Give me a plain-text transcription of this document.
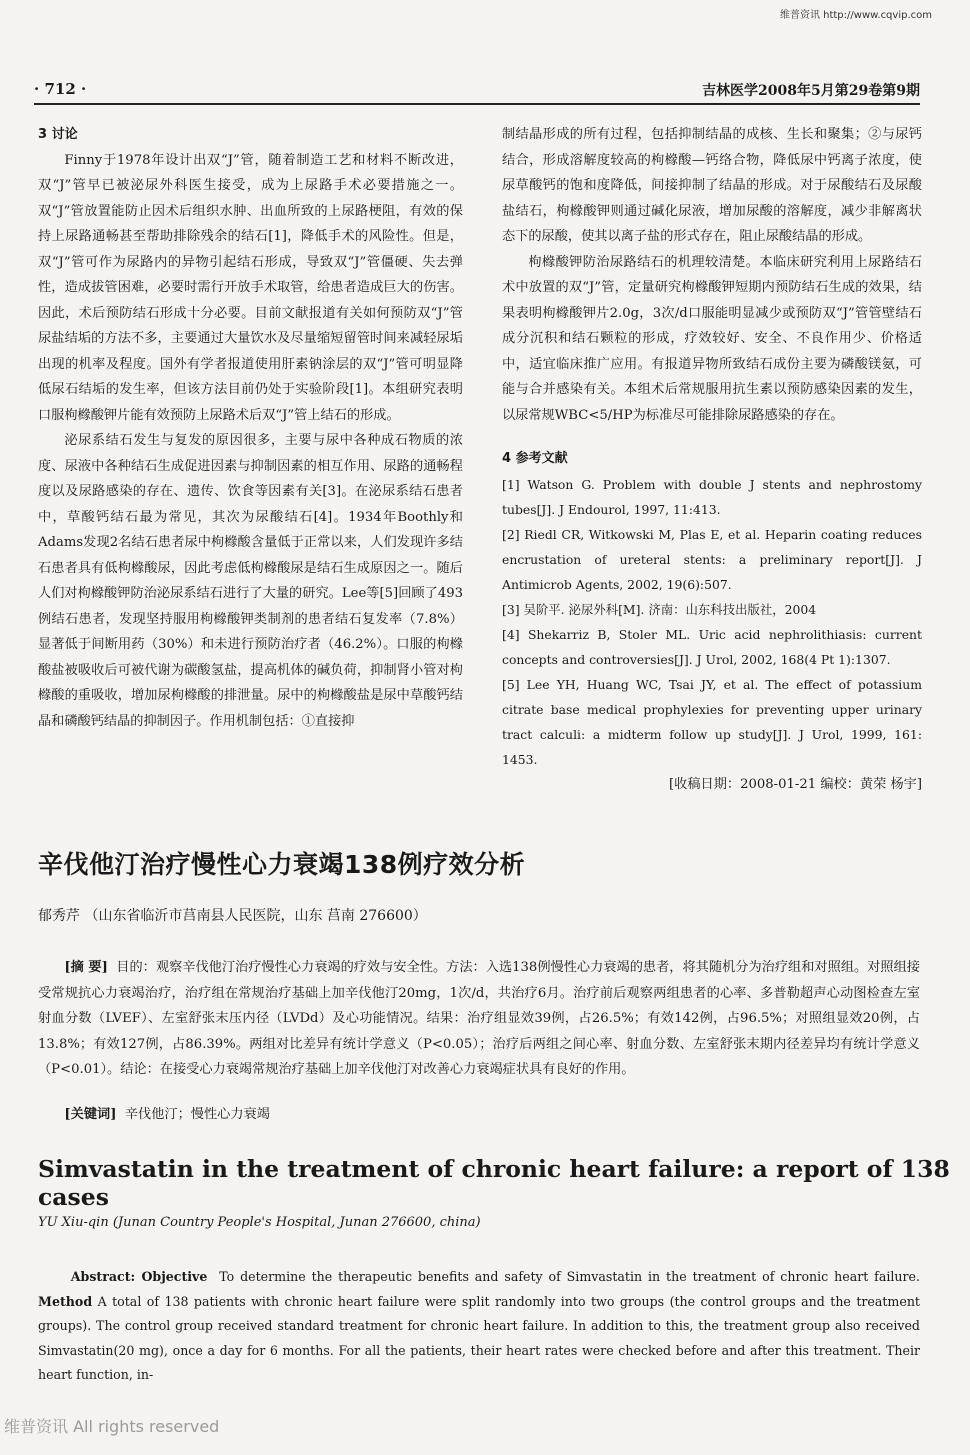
维普资讯 http://www.cqvip.com
· 712 ·	吉林医学2008年5月第29卷第9期

3 讨论

Finny于1978年设计出双“J”管，随着制造工艺和材料不断改进，双“J”管早已被泌尿外科医生接受，成为上尿路手术必要措施之一。双“J”管放置能防止因术后组织水肿、出血所致的上尿路梗阻，有效的保持上尿路通畅甚至帮助排除残余的结石[1]，降低手术的风险性。但是，双“J”管可作为尿路内的异物引起结石形成，导致双“J”管僵硬、失去弹性，造成拔管困难，必要时需行开放手术取管，给患者造成巨大的伤害。因此，术后预防结石形成十分必要。目前文献报道有关如何预防双“J”管尿盐结垢的方法不多，主要通过大量饮水及尽量缩短留管时间来减轻尿垢出现的机率及程度。国外有学者报道使用肝素钠涂层的双“J”管可明显降低尿石结垢的发生率，但该方法目前仍处于实验阶段[1]。本组研究表明口服枸橼酸钾片能有效预防上尿路术后双“J”管上结石的形成。

泌尿系结石发生与复发的原因很多，主要与尿中各种成石物质的浓度、尿液中各种结石生成促进因素与抑制因素的相互作用、尿路的通畅程度以及尿路感染的存在、遗传、饮食等因素有关[3]。在泌尿系结石患者中，草酸钙结石最为常见，其次为尿酸结石[4]。1934年Boothly和Adams发现2名结石患者尿中枸橼酸含量低于正常以来，人们发现许多结石患者具有低枸橼酸尿，因此考虑低枸橼酸尿是结石生成原因之一。随后人们对枸橼酸钾防治泌尿系结石进行了大量的研究。Lee等[5]回顾了493例结石患者，发现坚持服用枸橼酸钾类制剂的患者结石复发率（7.8%）显著低于间断用药（30%）和未进行预防治疗者（46.2%）。口服的枸橼酸盐被吸收后可被代谢为碳酸氢盐，提高机体的碱负荷，抑制肾小管对枸橼酸的重吸收，增加尿枸橼酸的排泄量。尿中的枸橼酸盐是尿中草酸钙结晶和磷酸钙结晶的抑制因子。作用机制包括：①直接抑

制结晶形成的所有过程，包括抑制结晶的成核、生长和聚集；②与尿钙结合，形成溶解度较高的枸橼酸—钙络合物，降低尿中钙离子浓度，使尿草酸钙的饱和度降低，间接抑制了结晶的形成。对于尿酸结石及尿酸盐结石，枸橼酸钾则通过碱化尿液，增加尿酸的溶解度，减少非解离状态下的尿酸，使其以离子盐的形式存在，阻止尿酸结晶的形成。

枸橼酸钾防治尿路结石的机理较清楚。本临床研究利用上尿路结石术中放置的双“J”管，定量研究枸橼酸钾短期内预防结石生成的效果，结果表明枸橼酸钾片2.0g，3次/d口服能明显减少或预防双“J”管管壁结石成分沉积和结石颗粒的形成，疗效较好、安全、不良作用少、价格适中，适宜临床推广应用。有报道异物所致结石成份主要为磷酸镁氨，可能与合并感染有关。本组术后常规服用抗生素以预防感染因素的发生，以尿常规WBC<5/HP为标准尽可能排除尿路感染的存在。

4 参考文献

[1] Watson G. Problem with double J stents and nephrostomy tubes[J]. J Endourol, 1997, 11:413.

[2] Riedl CR, Witkowski M, Plas E, et al. Heparin coating reduces encrustation of ureteral stents: a preliminary report[J]. J Antimicrob Agents, 2002, 19(6):507.

[3] 吴阶平. 泌尿外科[M]. 济南：山东科技出版社，2004

[4] Shekarriz B, Stoler ML. Uric acid nephrolithiasis: current concepts and controversies[J]. J Urol, 2002, 168(4 Pt 1):1307.

[5] Lee YH, Huang WC, Tsai JY, et al. The effect of potassium citrate base medical prophylexies for preventing upper urinary tract calculi: a midterm follow up study[J]. J Urol, 1999, 161: 1453.

[收稿日期：2008-01-21 编校：黄荣 杨宇]

辛伐他汀治疗慢性心力衰竭138例疗效分析
郁秀芹 （山东省临沂市莒南县人民医院，山东 莒南 276600）

[摘 要] 目的：观察辛伐他汀治疗慢性心力衰竭的疗效与安全性。方法：入选138例慢性心力衰竭的患者，将其随机分为治疗组和对照组。对照组接受常规抗心力衰竭治疗，治疗组在常规治疗基础上加辛伐他汀20mg，1次/d，共治疗6月。治疗前后观察两组患者的心率、多普勒超声心动图检查左室射血分数（LVEF）、左室舒张末压内径（LVDd）及心功能情况。结果：治疗组显效39例，占26.5%；有效142例，占96.5%；对照组显效20例，占13.8%；有效127例，占86.39%。两组对比差异有统计学意义（P<0.05）；治疗后两组之间心率、射血分数、左室舒张末期内径差异均有统计学意义（P<0.01）。结论：在接受心力衰竭常规治疗基础上加辛伐他汀对改善心力衰竭症状具有良好的作用。

[关键词] 辛伐他汀；慢性心力衰竭
Simvastatin in the treatment of chronic heart failure: a report of 138 cases
YU Xiu-qin (Junan Country People's Hospital, Junan 276600, china)

Abstract: Objective To determine the therapeutic benefits and safety of Simvastatin in the treatment of chronic heart failure. Method A total of 138 patients with chronic heart failure were split randomly into two groups (the control groups and the treatment groups). The control group received standard treatment for chronic heart failure. In addition to this, the treatment group also received Simvastatin(20 mg), once a day for 6 months. For all the patients, their heart rates were checked before and after this treatment. Their heart function, in-

维普资讯 All rights reserved
